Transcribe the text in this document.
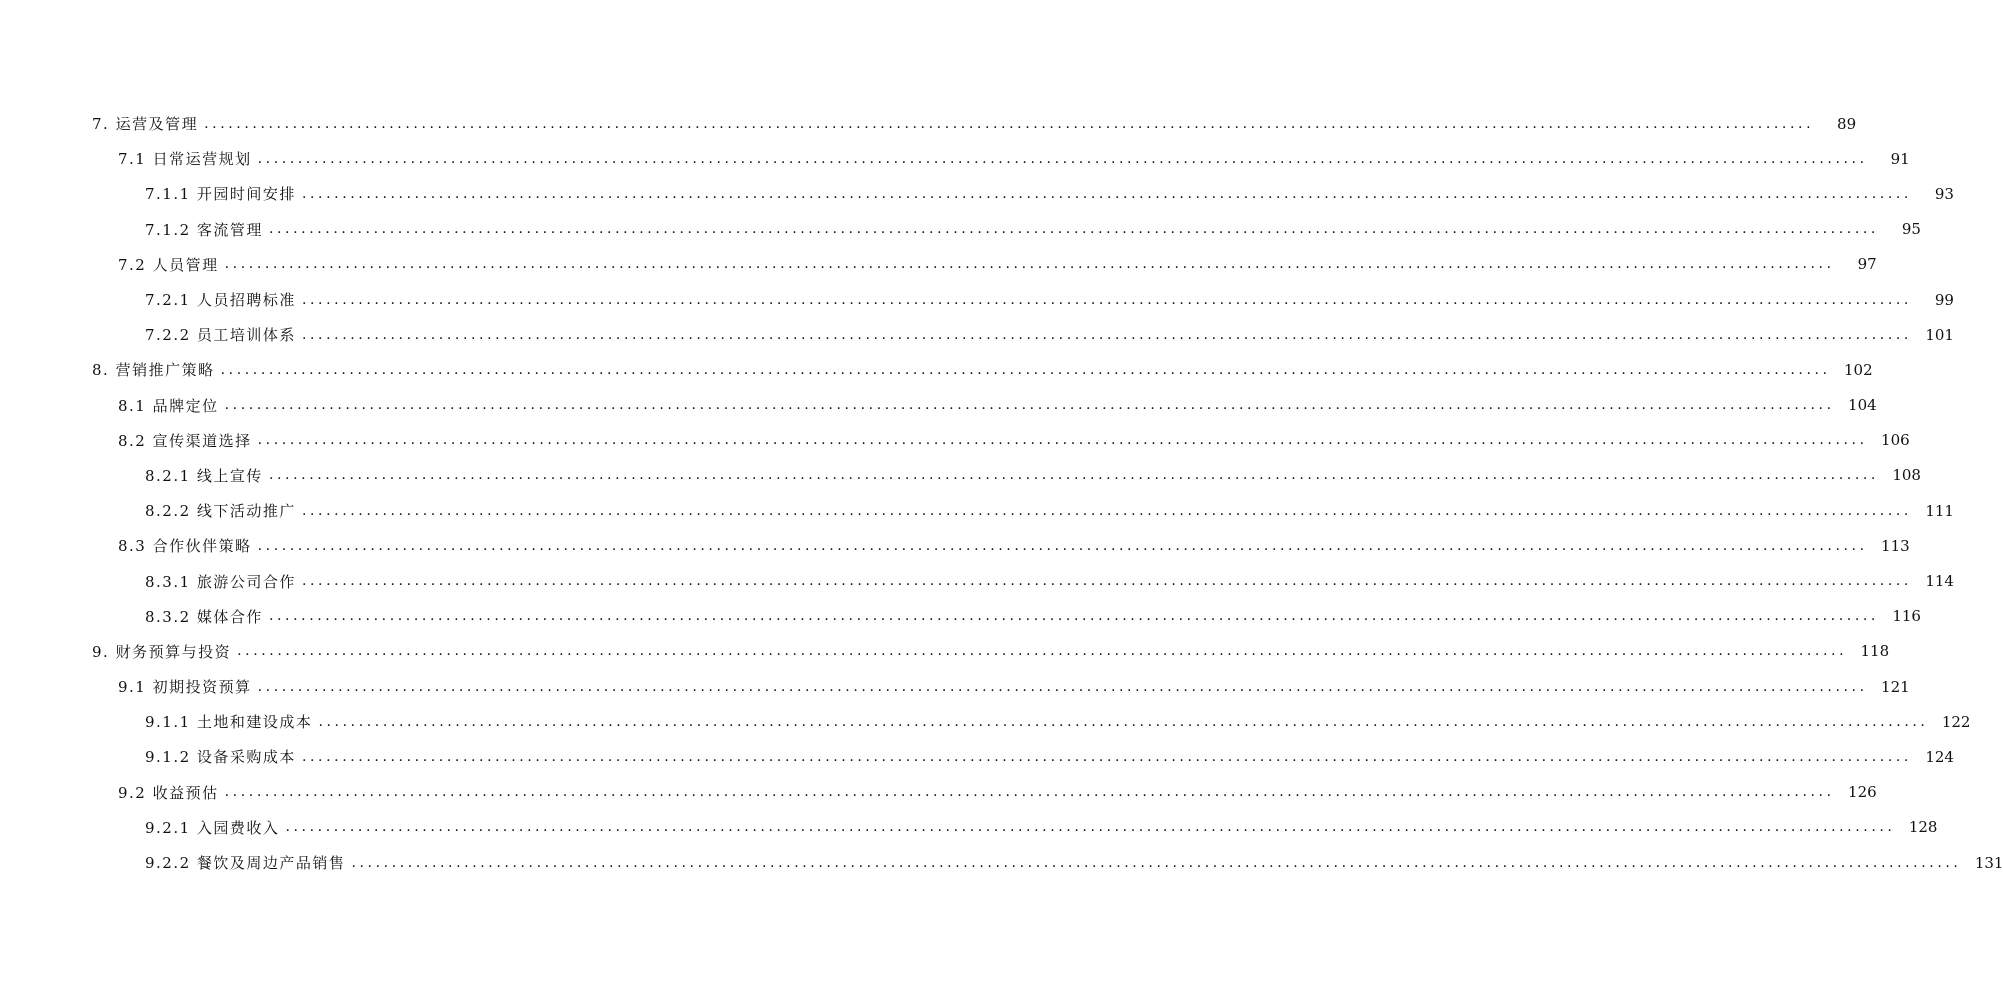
7. 运营及管理 ........................................................................................................................................................................................................	89
7.1 日常运营规划 ........................................................................................................................................................................................................	91
7.1.1 开园时间安排 ........................................................................................................................................................................................................	93
7.1.2 客流管理 ........................................................................................................................................................................................................	95
7.2 人员管理 ........................................................................................................................................................................................................	97
7.2.1 人员招聘标准 ........................................................................................................................................................................................................	99
7.2.2 员工培训体系 ........................................................................................................................................................................................................ 101
8. 营销推广策略 ........................................................................................................................................................................................................ 102
8.1 品牌定位 ........................................................................................................................................................................................................ 104
8.2 宣传渠道选择 ........................................................................................................................................................................................................ 106
8.2.1 线上宣传 ........................................................................................................................................................................................................ 108
8.2.2 线下活动推广 ........................................................................................................................................................................................................ 111
8.3 合作伙伴策略 ........................................................................................................................................................................................................ 113
8.3.1 旅游公司合作 ........................................................................................................................................................................................................ 114
8.3.2 媒体合作 ........................................................................................................................................................................................................ 116
9. 财务预算与投资 ........................................................................................................................................................................................................ 118
9.1 初期投资预算 ........................................................................................................................................................................................................ 121
9.1.1 土地和建设成本 ........................................................................................................................................................................................................ 122
9.1.2 设备采购成本 ........................................................................................................................................................................................................ 124
9.2 收益预估 ........................................................................................................................................................................................................ 126
9.2.1 入园费收入 ........................................................................................................................................................................................................ 128
9.2.2 餐饮及周边产品销售 ........................................................................................................................................................................................................ 131
